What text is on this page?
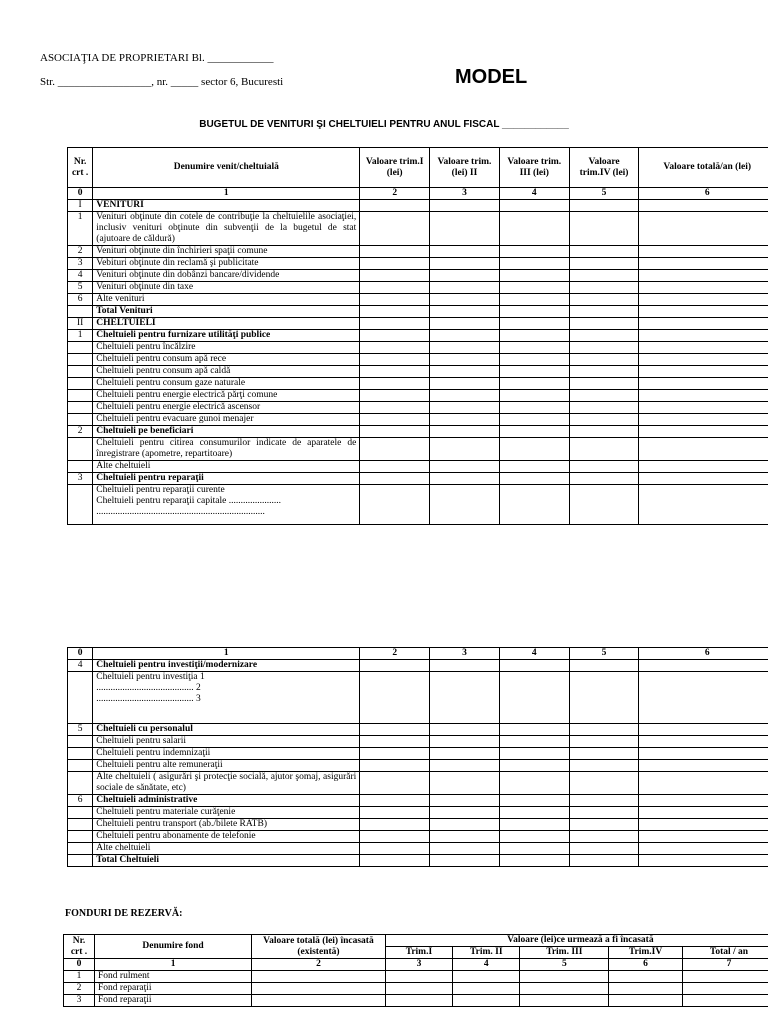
ASOCIAŢIA DE PROPRIETARI Bl. ____________
Str. _________________, nr. _____ sector 6, Bucuresti	MODEL
BUGETUL DE VENITURI ŞI CHELTUIELI PENTRU ANUL FISCAL ____________
Nr. crt .	Denumire venit/cheltuială	Valoare trim.I (lei)	Valoare trim. (lei) II	Valoare trim. III (lei)	Valoare trim.IV (lei)	Valoare totală/an (lei)
0	1	2	3	4	5	6
I	VENITURI					
1	Venituri obţinute din cotele de contribuţie la cheltuielile asociaţiei, inclusiv venituri obţinute din subvenţii de la bugetul de stat (ajutoare de căldură)					
2	Venituri obţinute din închirieri spaţii comune					
3	Vebituri obţinute din reclamă şi publicitate					
4	Venituri obţinute din dobânzi bancare/dividende					
5	Venituri obţinute din taxe					
6	Alte venituri					
	Total Venituri					
II	CHELTUIELI					
1	Cheltuieli pentru furnizare utilităţi publice					
	Cheltuieli pentru încălzire					
	Cheltuieli pentru consum apă rece					
	Cheltuieli pentru consum apă caldă					
	Cheltuieli pentru consum gaze naturale					
	Cheltuieli pentru energie electrică părţi comune					
	Cheltuieli pentru energie electrică ascensor					
	Cheltuieli pentru evacuare gunoi menajer					
2	Cheltuieli pe beneficiari					
	Cheltuieli pentru citirea consumurilor indicate de aparatele de înregistrare (apometre, repartitoare)					
	Alte cheltuieli					
3	Cheltuieli pentru reparaţii					
	Cheltuieli pentru reparaţii curente
Cheltuieli pentru reparaţii capitale ......................
.......................................................................					
0	1	2	3	4	5	6
4	Cheltuieli pentru investiţii/modernizare					
	Cheltuieli pentru investiţia 1
......................................... 2
......................................... 3					
5	Cheltuieli cu personalul					
	Cheltuieli pentru salarii					
	Cheltuieli pentru indemnizaţii					
	Cheltuieli pentru alte remuneraţii					
	Alte cheltuieli ( asigurări şi protecţie socială, ajutor şomaj, asigurări sociale de sănătate, etc)					
6	Cheltuieli administrative					
	Cheltuieli pentru materiale curăţenie					
	Cheltuieli pentru transport (ab./bilete RATB)					
	Cheltuieli pentru abonamente de telefonie					
	Alte cheltuieli					
	Total Cheltuieli					
FONDURI DE REZERVĂ:
Nr. crt .	Denumire fond	Valoare totală (lei) încasată (existentă)	Valoare (lei)ce urmează a fi încasată				
			Trim.I	Trim. II	Trim. III	Trim.IV	Total / an
0	1	2	3	4	5	6	7
1	Fond rulment						
2	Fond reparaţii						
3	Fond reparaţii						
